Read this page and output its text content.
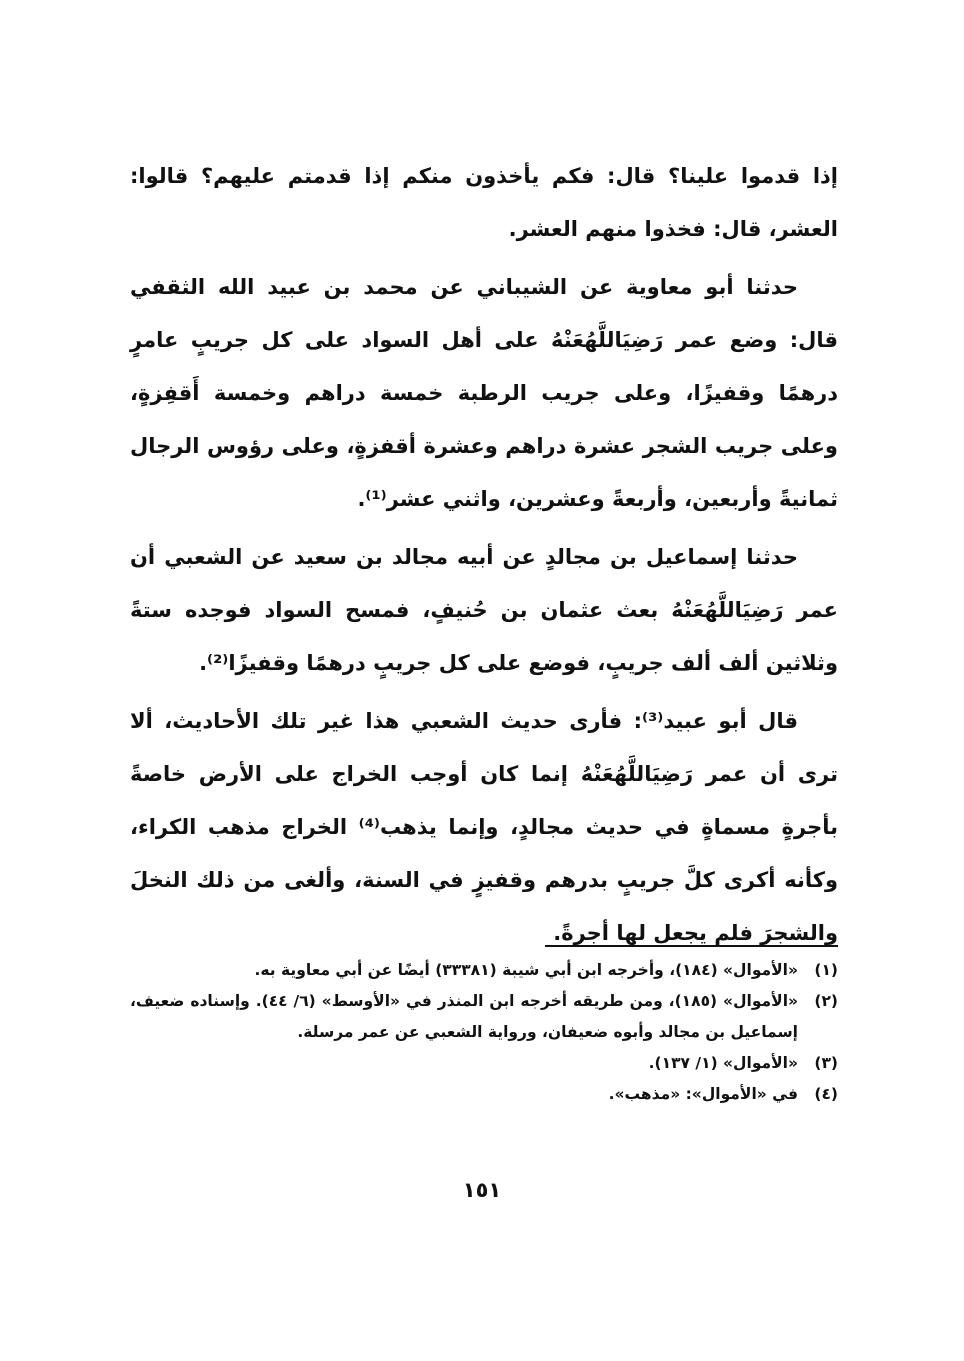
إذا قدموا علينا؟ قال: فكم يأخذون منكم إذا قدمتم عليهم؟ قالوا: العشر، قال: فخذوا منهم العشر.

حدثنا أبو معاوية عن الشيباني عن محمد بن عبيد الله الثقفي قال: وضع عمر رَضِيَاللَّهُعَنْهُ على أهل السواد على كل جريبٍ عامرٍ درهمًا وقفيزًا، وعلى جريب الرطبة خمسة دراهم وخمسة أَقفِزةٍ، وعلى جريب الشجر عشرة دراهم وعشرة أقفزةٍ، وعلى رؤوس الرجال ثمانيةً وأربعين، وأربعةً وعشرين، واثني عشر⁽¹⁾.

حدثنا إسماعيل بن مجالدٍ عن أبيه مجالد بن سعيد عن الشعبي أن عمر رَضِيَاللَّهُعَنْهُ بعث عثمان بن حُنيفٍ، فمسح السواد فوجده ستةً وثلاثين ألف ألف جريبٍ، فوضع على كل جريبٍ درهمًا وقفيزًا⁽²⁾.

قال أبو عبيد⁽³⁾: فأرى حديث الشعبي هذا غير تلك الأحاديث، ألا ترى أن عمر رَضِيَاللَّهُعَنْهُ إنما كان أوجب الخراج على الأرض خاصةً بأجرةٍ مسماةٍ في حديث مجالدٍ، وإنما يذهب⁽⁴⁾ الخراج مذهب الكراء، وكأنه أكرى كلَّ جريبٍ بدرهم وقفيزٍ في السنة، وألغى من ذلك النخلَ والشجرَ فلم يجعل لها أجرةً.

(١)
«الأموال» (١٨٤)، وأخرجه ابن أبي شيبة (٣٣٣٨١) أيضًا عن أبي معاوية به.
(٢)
«الأموال» (١٨٥)، ومن طريقه أخرجه ابن المنذر في «الأوسط» (٦/ ٤٤). وإسناده ضعيف، إسماعيل بن مجالد وأبوه ضعيفان، ورواية الشعبي عن عمر مرسلة.
(٣)
«الأموال» (١/ ١٣٧).
(٤)
في «الأموال»: «مذهب».
١٥١
